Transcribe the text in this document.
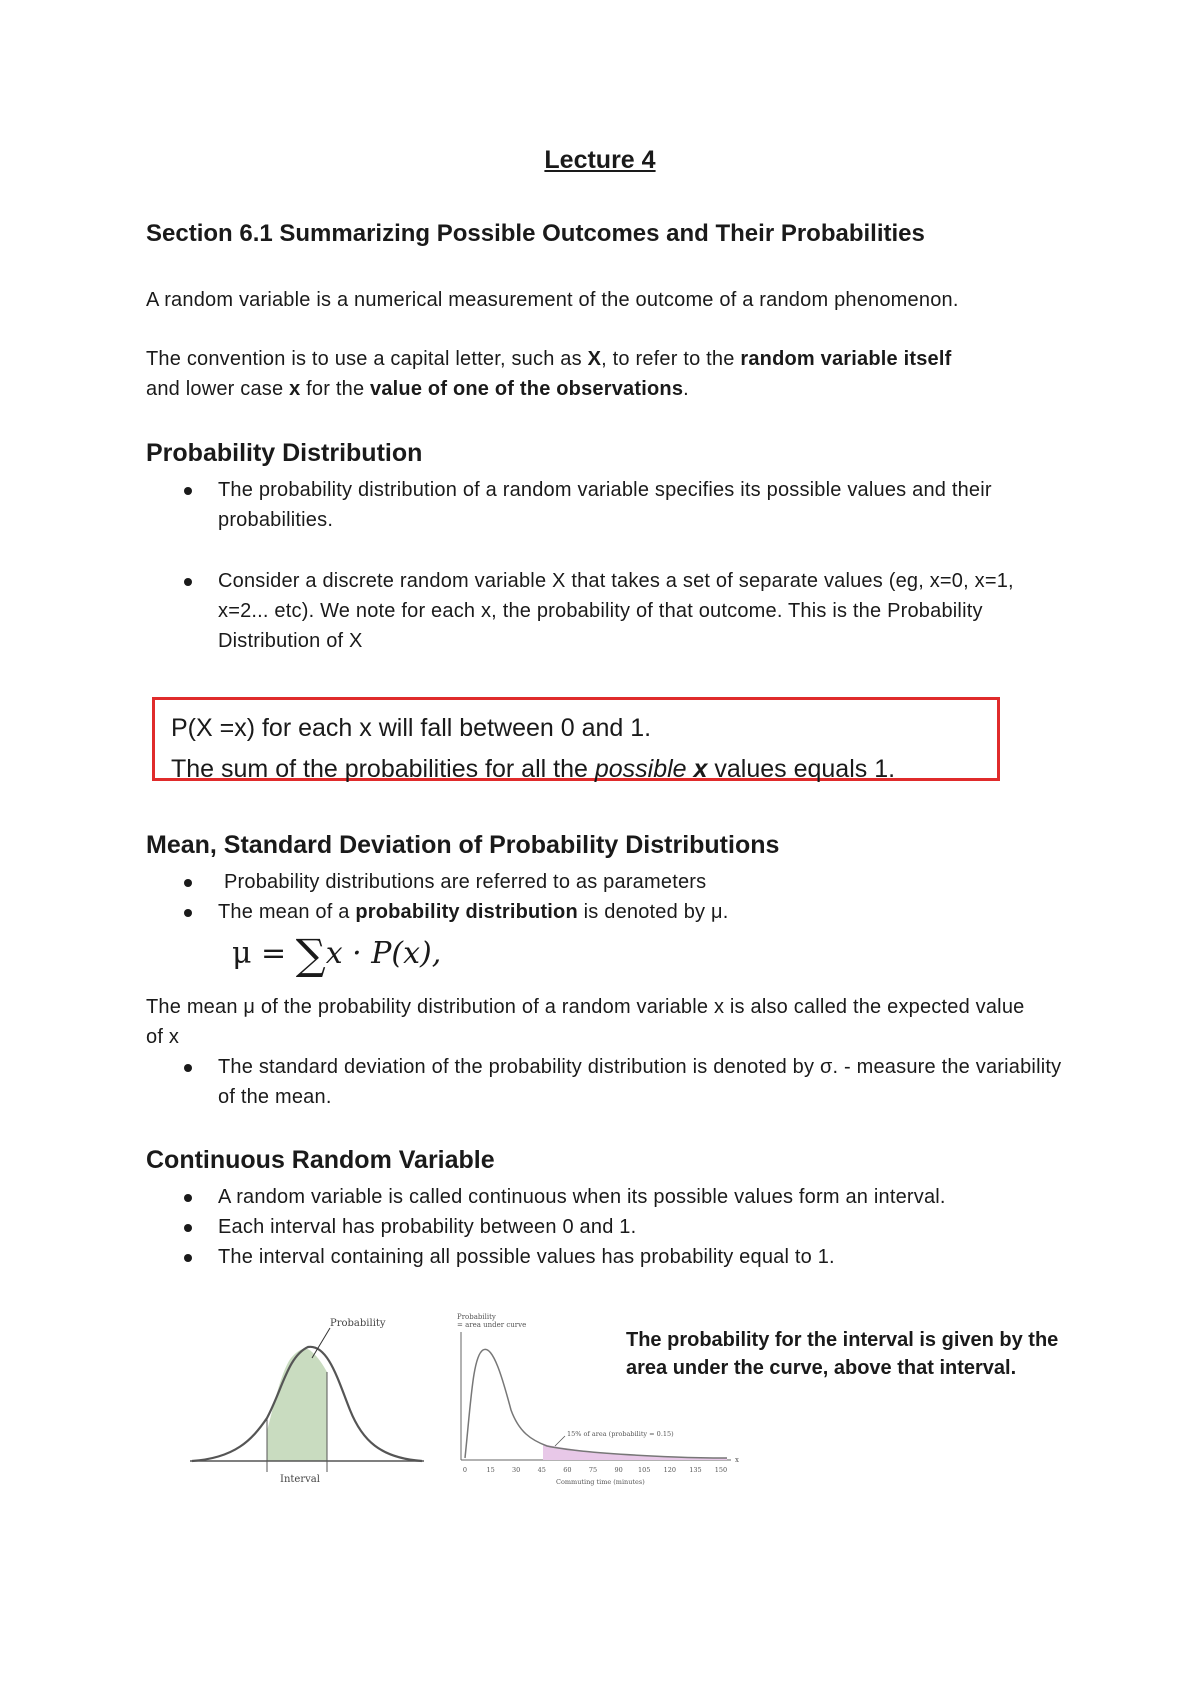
Lecture 4
Section 6.1 Summarizing Possible Outcomes and Their Probabilities
A random variable is a numerical measurement of the outcome of a random phenomenon.
The convention is to use a capital letter, such as X, to refer to the random variable itself
and lower case x for the value of one of the observations.
Probability Distribution
The probability distribution of a random variable specifies its possible values and their probabilities.
Consider a discrete random variable X that takes a set of separate values (eg, x=0, x=1, x=2... etc). We note for each x, the probability of that outcome. This is the Probability Distribution of X
P(X =x) for each x will fall between 0 and 1.
The sum of the probabilities for all the possible x values equals 1.
Mean, Standard Deviation of Probability Distributions
Probability distributions are referred to as parameters
The mean of a probability distribution is denoted by μ.
μ = ∑x · P(x),
The mean μ of the probability distribution of a random variable x is also called the expected value of x
The standard deviation of the probability distribution is denoted by σ. - measure the variability of the mean.
Continuous Random Variable
A random variable is called continuous when its possible values form an interval.
Each interval has probability between 0 and 1.
The interval containing all possible values has probability equal to 1.
Probability
Interval
Probability
= area under curve
x
15% of area (probability = 0.15)
0	15	30	45	60	75	90 105 120 135 150
Commuting time (minutes)
The probability for the interval is given by the area under the curve, above that interval.
